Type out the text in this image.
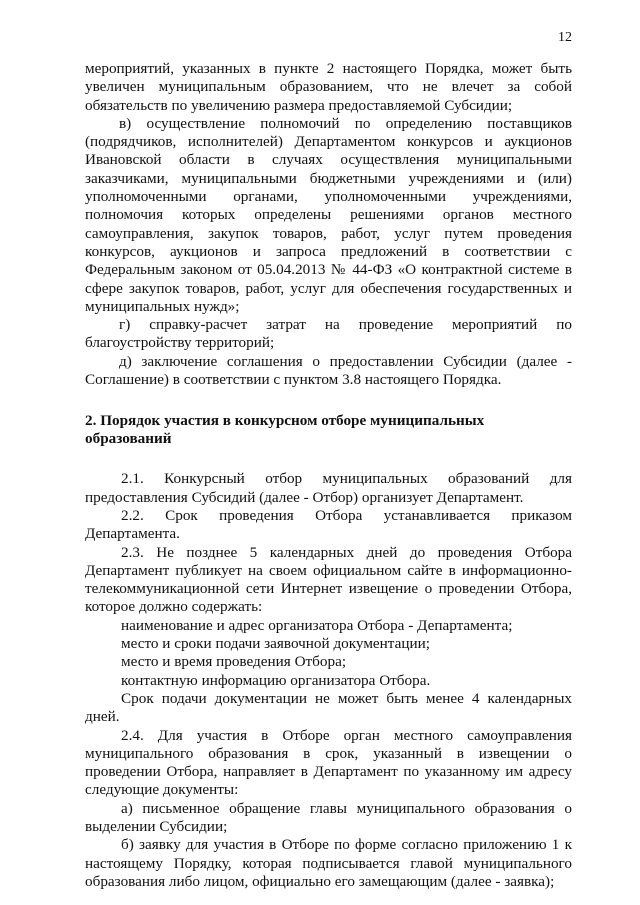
12

мероприятий, указанных в пункте 2 настоящего Порядка, может быть увеличен муниципальным образованием, что не влечет за собой обязательств по увеличению размера предоставляемой Субсидии;

в) осуществление полномочий по определению поставщиков (подрядчиков, исполнителей) Департаментом конкурсов и аукционов Ивановской области в случаях осуществления муниципальными заказчиками, муниципальными бюджетными учреждениями и (или) уполномоченными органами, уполномоченными учреждениями, полномочия которых определены решениями органов местного самоуправления, закупок товаров, работ, услуг путем проведения конкурсов, аукционов и запроса предложений в соответствии с Федеральным законом от 05.04.2013 № 44-ФЗ «О контрактной системе в сфере закупок товаров, работ, услуг для обеспечения государственных и муниципальных нужд»;

г) справку-расчет затрат на проведение мероприятий по благоустройству территорий;

д) заключение соглашения о предоставлении Субсидии (далее - Соглашение) в соответствии с пунктом 3.8 настоящего Порядка.

2. Порядок участия в конкурсном отборе муниципальных образований

2.1. Конкурсный отбор муниципальных образований для предоставления Субсидий (далее - Отбор) организует Департамент.

2.2. Срок проведения Отбора устанавливается приказом Департамента.

2.3. Не позднее 5 календарных дней до проведения Отбора Департамент публикует на своем официальном сайте в информационно-телекоммуникационной сети Интернет извещение о проведении Отбора, которое должно содержать:

наименование и адрес организатора Отбора - Департамента;

место и сроки подачи заявочной документации;

место и время проведения Отбора;

контактную информацию организатора Отбора.

Срок подачи документации не может быть менее 4 календарных дней.

2.4. Для участия в Отборе орган местного самоуправления муниципального образования в срок, указанный в извещении о проведении Отбора, направляет в Департамент по указанному им адресу следующие документы:

а) письменное обращение главы муниципального образования о выделении Субсидии;

б) заявку для участия в Отборе по форме согласно приложению 1 к настоящему Порядку, которая подписывается главой муниципального образования либо лицом, официально его замещающим (далее - заявка);
